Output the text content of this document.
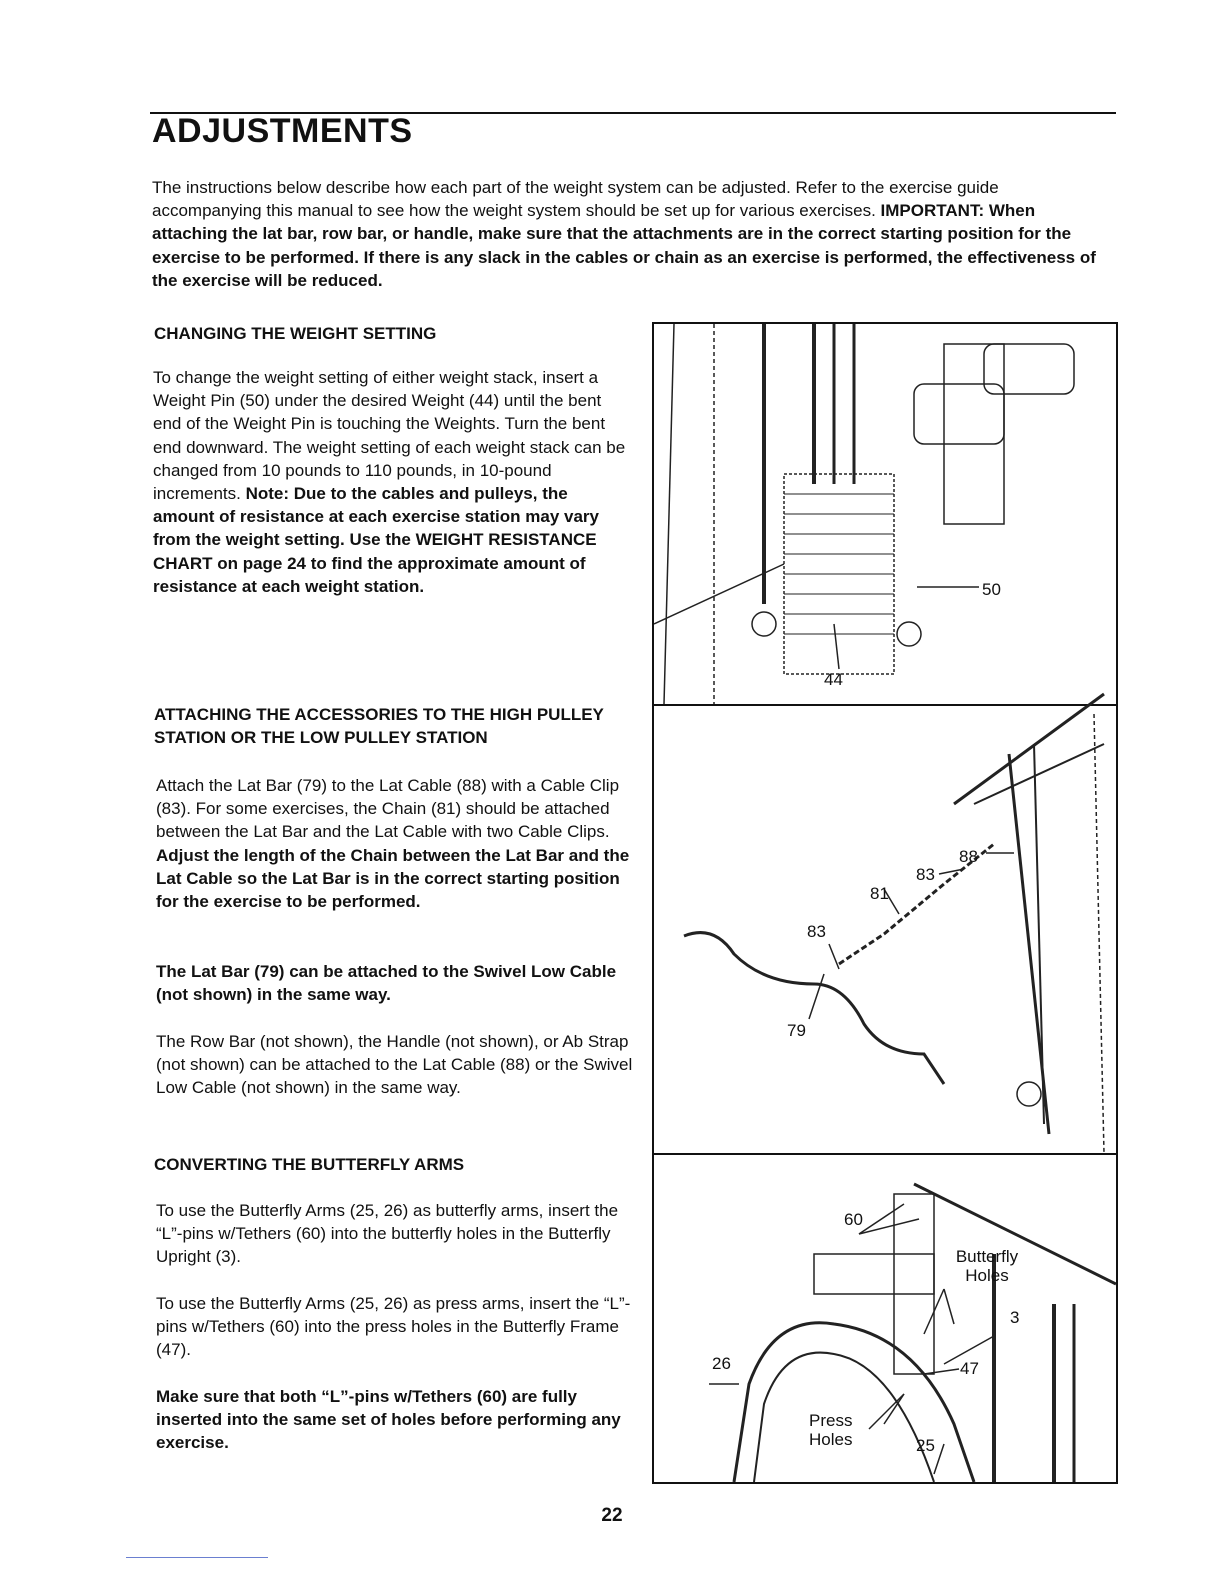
ADJUSTMENTS

The instructions below describe how each part of the weight system can be adjusted. Refer to the exercise guide accompanying this manual to see how the weight system should be set up for various exercises. IMPORTANT: When attaching the lat bar, row bar, or handle, make sure that the attachments are in the correct starting position for the exercise to be performed. If there is any slack in the cables or chain as an exercise is performed, the effectiveness of the exercise will be reduced.

CHANGING THE WEIGHT SETTING

To change the weight setting of either weight stack, insert a Weight Pin (50) under the desired Weight (44) until the bent end of the Weight Pin is touching the Weights. Turn the bent end downward. The weight setting of each weight stack can be changed from 10 pounds to 110 pounds, in 10-pound increments. Note: Due to the cables and pulleys, the amount of resistance at each exercise station may vary from the weight setting. Use the WEIGHT RESISTANCE CHART on page 24 to find the approximate amount of resistance at each weight station.

ATTACHING THE ACCESSORIES TO THE HIGH PULLEY STATION OR THE LOW PULLEY STATION

Attach the Lat Bar (79) to the Lat Cable (88) with a Cable Clip (83). For some exercises, the Chain (81) should be attached between the Lat Bar and the Lat Cable with two Cable Clips. Adjust the length of the Chain between the Lat Bar and the Lat Cable so the Lat Bar is in the correct starting position for the exercise to be performed.

The Lat Bar (79) can be attached to the Swivel Low Cable (not shown) in the same way.

The Row Bar (not shown), the Handle (not shown), or Ab Strap (not shown) can be attached to the Lat Cable (88) or the Swivel Low Cable (not shown) in the same way.

CONVERTING THE BUTTERFLY ARMS

To use the Butterfly Arms (25, 26) as butterfly arms, insert the “L”-pins w/Tethers (60) into the butterfly holes in the Butterfly Upright (3).

To use the Butterfly Arms (25, 26) as press arms, insert the “L”-pins w/Tethers (60) into the press holes in the Butterfly Frame (47).

Make sure that both “L”-pins w/Tethers (60) are fully inserted into the same set of holes before performing any exercise.

50
44
88
83
81
83
79
60
Butterfly Holes
3
26	47
Press Holes	25
22
